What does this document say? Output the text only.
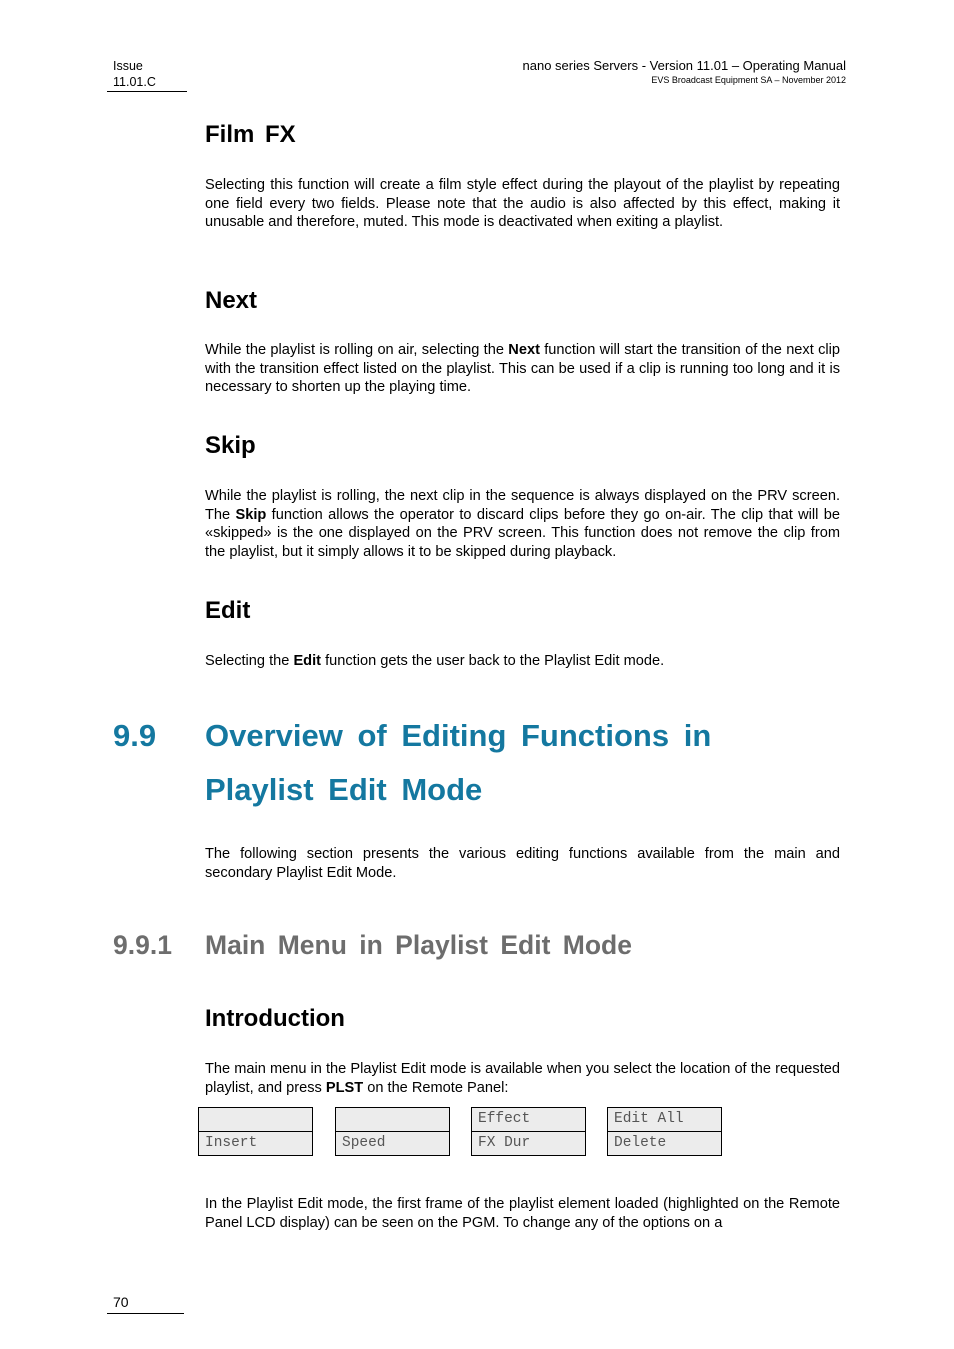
Issue
11.01.C
nano series Servers - Version 11.01 – Operating Manual
EVS Broadcast Equipment SA – November 2012
Film FX

Selecting this function will create a film style effect during the playout of the playlist by repeating one field every two fields. Please note that the audio is also affected by this effect, making it unusable and therefore, muted. This mode is deactivated when exiting a playlist.

Next

While the playlist is rolling on air, selecting the Next function will start the transition of the next clip with the transition effect listed on the playlist. This can be used if a clip is running too long and it is necessary to shorten up the playing time.

Skip

While the playlist is rolling, the next clip in the sequence is always displayed on the PRV screen. The Skip function allows the operator to discard clips before they go on-air. The clip that will be «skipped» is the one displayed on the PRV screen. This function does not remove the clip from the playlist, but it simply allows it to be skipped during playback.

Edit

Selecting the Edit function gets the user back to the Playlist Edit mode.

9.9 Overview of Editing Functions in
Playlist Edit Mode

The following section presents the various editing functions available from the main and secondary Playlist Edit Mode.

9.9.1 Main Menu in Playlist Edit Mode
Introduction

The main menu in the Playlist Edit mode is available when you select the location of the requested playlist, and press PLST on the Remote Panel:

Insert	Speed
Effect
FX Dur
Edit All
Delete

In the Playlist Edit mode, the first frame of the playlist element loaded (highlighted on the Remote Panel LCD display) can be seen on the PGM. To change any of the options on a

70
